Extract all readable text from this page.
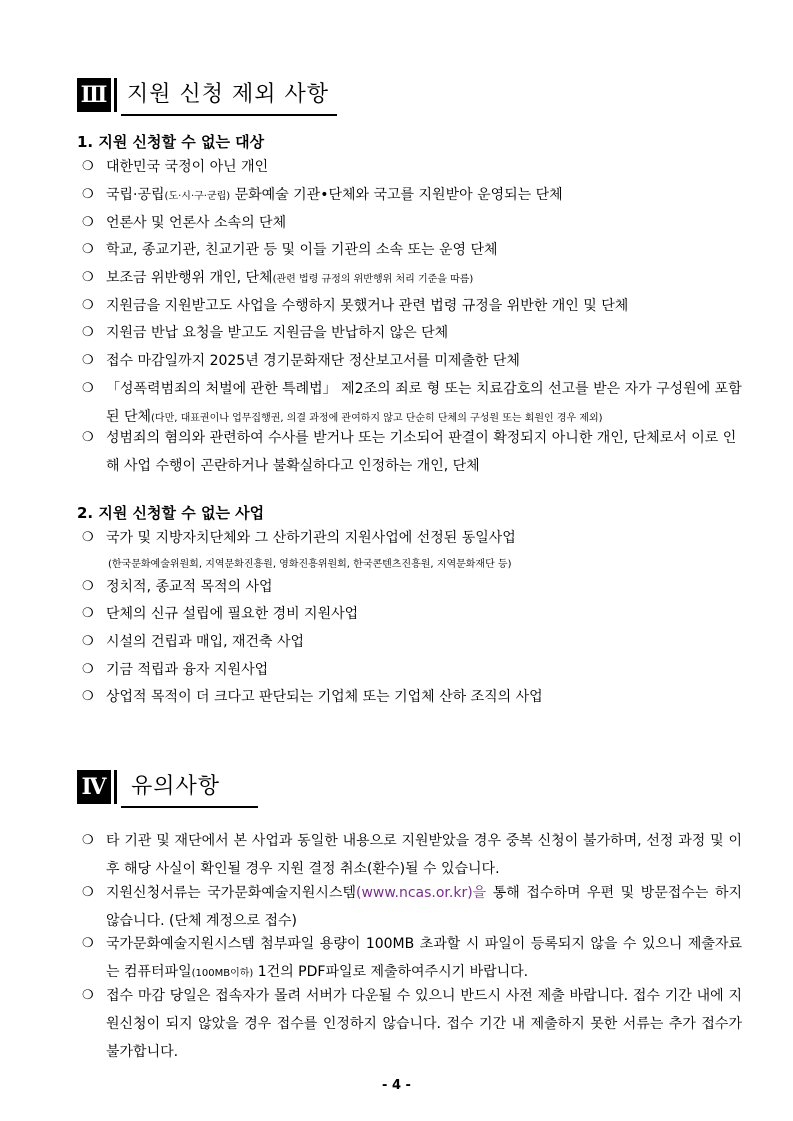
Ⅲ 지원 신청 제외 사항
1. 지원 신청할 수 없는 대상
❍ 대한민국 국정이 아닌 개인
❍ 국립·공립(도·시·구·군립) 문화예술 기관•단체와 국고를 지원받아 운영되는 단체
❍ 언론사 및 언론사 소속의 단체
❍ 학교, 종교기관, 친교기관 등 및 이들 기관의 소속 또는 운영 단체
❍ 보조금 위반행위 개인, 단체(관련 법령 규정의 위반행위 처리 기준을 따름)
❍ 지원금을 지원받고도 사업을 수행하지 못했거나 관련 법령 규정을 위반한 개인 및 단체
❍ 지원금 반납 요청을 받고도 지원금을 반납하지 않은 단체
❍ 접수 마감일까지 2025년 경기문화재단 정산보고서를 미제출한 단체
❍ 「성폭력범죄의 처벌에 관한 특례법」 제2조의 죄로 형 또는 치료감호의 선고를 받은 자가 구성원에 포함된 단체(다만, 대표권이나 업무집행권, 의결 과정에 관여하지 않고 단순히 단체의 구성원 또는 회원인 경우 제외)
❍ 성범죄의 혐의와 관련하여 수사를 받거나 또는 기소되어 판결이 확정되지 아니한 개인, 단체로서 이로 인해 사업 수행이 곤란하거나 불확실하다고 인정하는 개인, 단체
2. 지원 신청할 수 없는 사업
❍ 국가 및 지방자치단체와 그 산하기관의 지원사업에 선정된 동일사업
(한국문화예술위원회, 지역문화진흥원, 영화진흥위원회, 한국콘텐츠진흥원, 지역문화재단 등)
❍ 정치적, 종교적 목적의 사업
❍ 단체의 신규 설립에 필요한 경비 지원사업
❍ 시설의 건립과 매입, 재건축 사업
❍ 기금 적립과 융자 지원사업
❍ 상업적 목적이 더 크다고 판단되는 기업체 또는 기업체 산하 조직의 사업
Ⅳ 유의사항
❍ 타 기관 및 재단에서 본 사업과 동일한 내용으로 지원받았을 경우 중복 신청이 불가하며, 선정 과정 및 이후 해당 사실이 확인될 경우 지원 결정 취소(환수)될 수 있습니다.
❍ 지원신청서류는 국가문화예술지원시스템(www.ncas.or.kr)을 통해 접수하며 우편 및 방문접수는 하지 않습니다. (단체 계정으로 접수)
❍ 국가문화예술지원시스템 첨부파일 용량이 100MB 초과할 시 파일이 등록되지 않을 수 있으니 제출자료는 컴퓨터파일(100MB이하) 1건의 PDF파일로 제출하여주시기 바랍니다.
❍ 접수 마감 당일은 접속자가 몰려 서버가 다운될 수 있으니 반드시 사전 제출 바랍니다. 접수 기간 내에 지원신청이 되지 않았을 경우 접수를 인정하지 않습니다. 접수 기간 내 제출하지 못한 서류는 추가 접수가 불가합니다.
- 4 -
